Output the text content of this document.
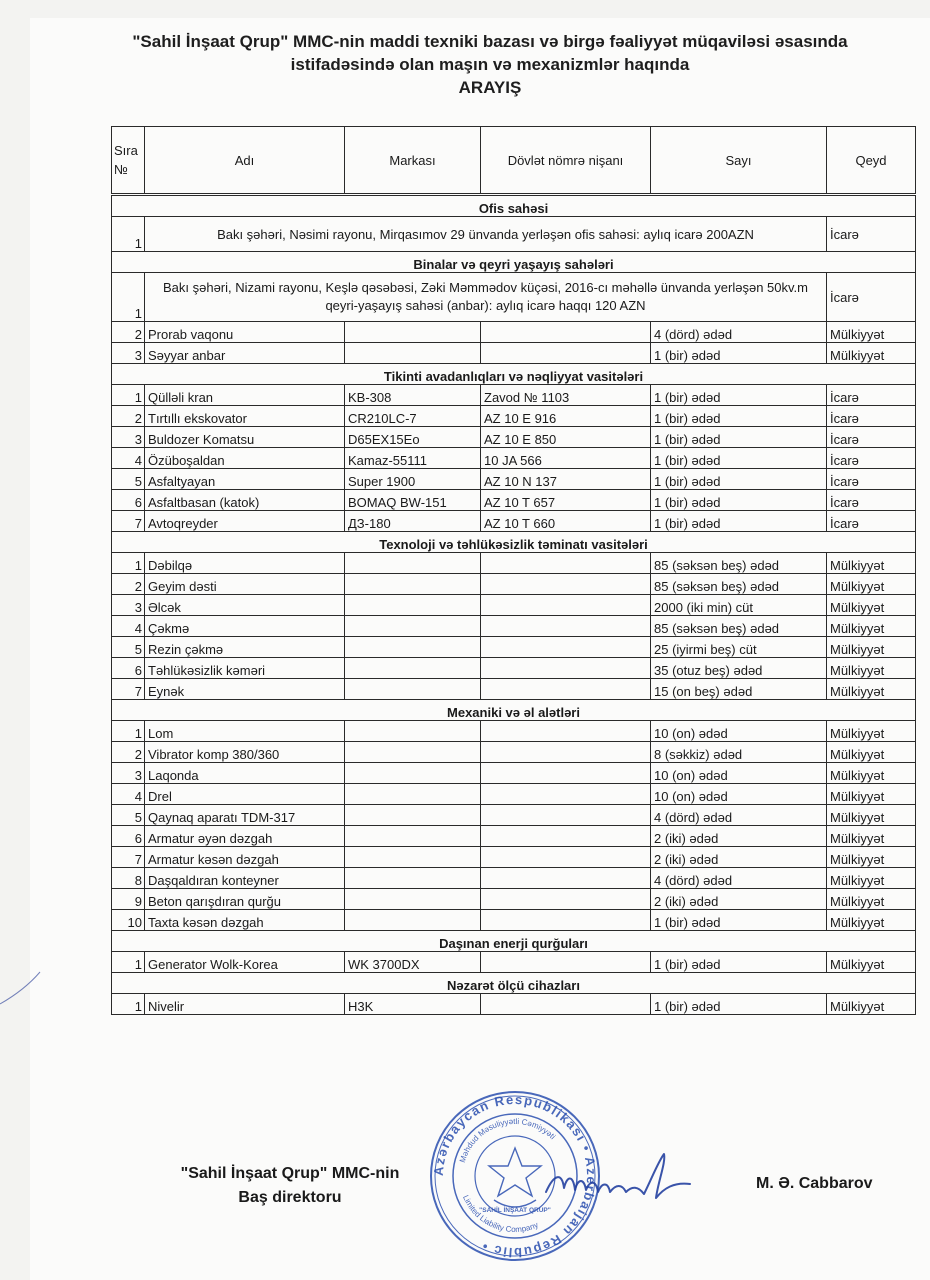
"Sahil İnşaat Qrup" MMC-nin maddi texniki bazası və birgə fəaliyyət müqaviləsi əsasında
istifadəsində olan maşın və mexanizmlər haqında
ARAYIŞ
Sıra
№	Adı	Markası	Dövlət nömrə nişanı	Sayı	Qeyd
Ofis sahəsi					
1	Bakı şəhəri, Nəsimi rayonu, Mirqasımov 29 ünvanda yerləşən ofis sahəsi: aylıq icarə 200AZN				İcarə
Binalar və qeyri yaşayış sahələri					
1	Bakı şəhəri, Nizami rayonu, Keşlə qəsəbəsi, Zəki Məmmədov küçəsi, 2016-cı məhəllə ünvanda yerləşən 50kv.m qeyri-yaşayış sahəsi (anbar): aylıq icarə haqqı 120 AZN				İcarə
2	Prorab vaqonu			4 (dörd) ədəd	Mülkiyyət
3	Səyyar anbar			1 (bir) ədəd	Mülkiyyət
Tikinti avadanlıqları və nəqliyyat vasitələri					
1	Qülləli kran	KB-308	Zavod № 1103	1 (bir) ədəd	İcarə
2	Tırtıllı ekskovator	CR210LC-7	AZ 10 E 916	1 (bir) ədəd	İcarə
3	Buldozer Komatsu	D65EX15Eo	AZ 10 E 850	1 (bir) ədəd	İcarə
4	Özüboşaldan	Kamaz-55111	10 JA 566	1 (bir) ədəd	İcarə
5	Asfaltyayan	Super 1900	AZ 10 N 137	1 (bir) ədəd	İcarə
6	Asfaltbasan (katok)	BOMAQ BW-151	AZ 10 T 657	1 (bir) ədəd	İcarə
7	Avtoqreyder	ДЗ-180	AZ 10 T 660	1 (bir) ədəd	İcarə
Texnoloji və təhlükəsizlik təminatı vasitələri					
1	Dəbilqə			85 (səksən beş) ədəd	Mülkiyyət
2	Geyim dəsti			85 (səksən beş) ədəd	Mülkiyyət
3	Əlcək			2000 (iki min) cüt	Mülkiyyət
4	Çəkmə			85 (səksən beş) ədəd	Mülkiyyət
5	Rezin çəkmə			25 (iyirmi beş) cüt	Mülkiyyət
6	Təhlükəsizlik kəməri			35 (otuz beş) ədəd	Mülkiyyət
7	Eynək			15 (on beş) ədəd	Mülkiyyət
Mexaniki və əl alətləri					
1	Lom			10 (on) ədəd	Mülkiyyət
2	Vibrator komp 380/360			8 (səkkiz) ədəd	Mülkiyyət
3	Laqonda			10 (on) ədəd	Mülkiyyət
4	Drel			10 (on) ədəd	Mülkiyyət
5	Qaynaq aparatı TDM-317			4 (dörd) ədəd	Mülkiyyət
6	Armatur əyən dəzgah			2 (iki) ədəd	Mülkiyyət
7	Armatur kəsən dəzgah			2 (iki) ədəd	Mülkiyyət
8	Daşqaldıran konteyner			4 (dörd) ədəd	Mülkiyyət
9	Beton qarışdıran qurğu			2 (iki) ədəd	Mülkiyyət
10	Taxta kəsən dəzgah			1 (bir) ədəd	Mülkiyyət
Daşınan enerji qurğuları					
1	Generator Wolk-Korea	WK 3700DX		1 (bir) ədəd	Mülkiyyət
Nəzarət ölçü cihazları					
1	Nivelir	H3K		1 (bir) ədəd	Mülkiyyət
"Sahil İnşaat Qrup" MMC-nin
Baş direktoru
M. Ə. Cabbarov
Azərbaycan Respublikası • Azerbaijan Republic •
Məhdud Məsuliyyətli Cəmiyyəti
Limited Liability Company
"SAHİL İNŞAAT QRUP"
